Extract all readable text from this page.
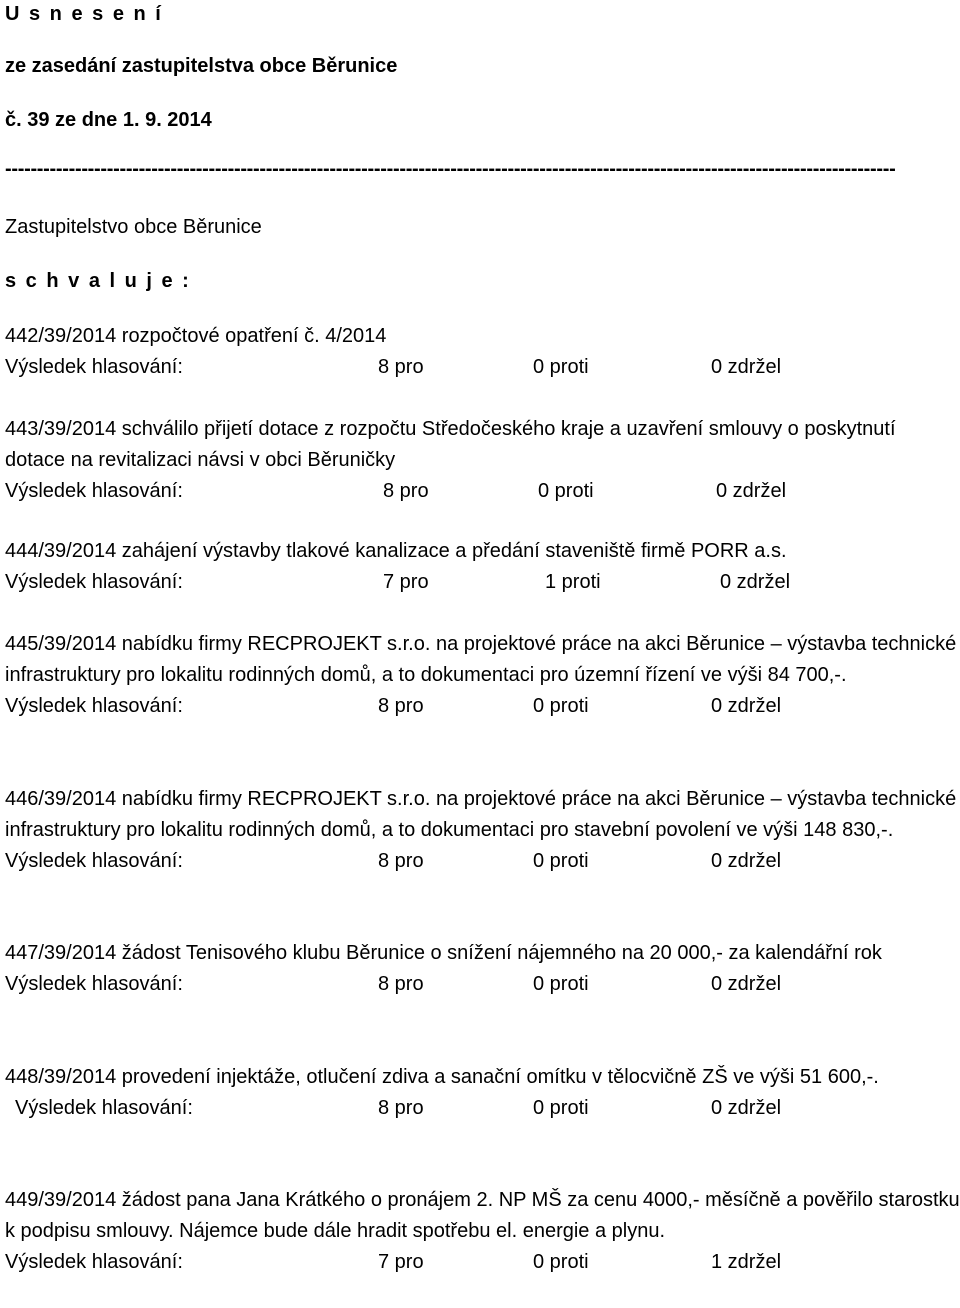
U s n e s e n í
ze zasedání zastupitelstva obce Běrunice
č. 39 ze dne 1. 9. 2014
--------------------------------------------------------------------------------------------------------------------------------------------
Zastupitelstvo obce Běrunice
s c h v a l u j e :
442/39/2014 rozpočtové opatření č. 4/2014
Výsledek hlasování:	8 pro	0 proti	0 zdržel
443/39/2014 schválilo přijetí dotace z rozpočtu Středočeského kraje a uzavření smlouvy o poskytnutí dotace na revitalizaci návsi v obci Běruničky
Výsledek hlasování:	8 pro	0 proti	0 zdržel
444/39/2014 zahájení výstavby tlakové kanalizace a předání staveniště firmě PORR a.s.
Výsledek hlasování:	7 pro	1 proti	0 zdržel
445/39/2014 nabídku firmy RECPROJEKT s.r.o. na projektové práce na akci Běrunice – výstavba technické infrastruktury pro lokalitu rodinných domů, a to dokumentaci pro územní řízení ve výši 84 700,-.
Výsledek hlasování:	8 pro	0 proti	0 zdržel
446/39/2014 nabídku firmy RECPROJEKT s.r.o. na projektové práce na akci Běrunice – výstavba technické infrastruktury pro lokalitu rodinných domů, a to dokumentaci pro stavební povolení ve výši 148 830,-.
Výsledek hlasování:	8 pro	0 proti	0 zdržel
447/39/2014 žádost Tenisového klubu Běrunice o snížení nájemného na 20 000,- za kalendářní rok
Výsledek hlasování:	8 pro	0 proti	0 zdržel
448/39/2014 provedení injektáže, otlučení zdiva a sanační omítku v tělocvičně ZŠ ve výši 51 600,-.
Výsledek hlasování:	8 pro	0 proti	0 zdržel
449/39/2014 žádost pana Jana Krátkého o pronájem 2. NP MŠ za cenu 4000,- měsíčně a pověřilo starostku k podpisu smlouvy. Nájemce bude dále hradit spotřebu el. energie a plynu.
Výsledek hlasování:	7 pro	0 proti	1 zdržel
